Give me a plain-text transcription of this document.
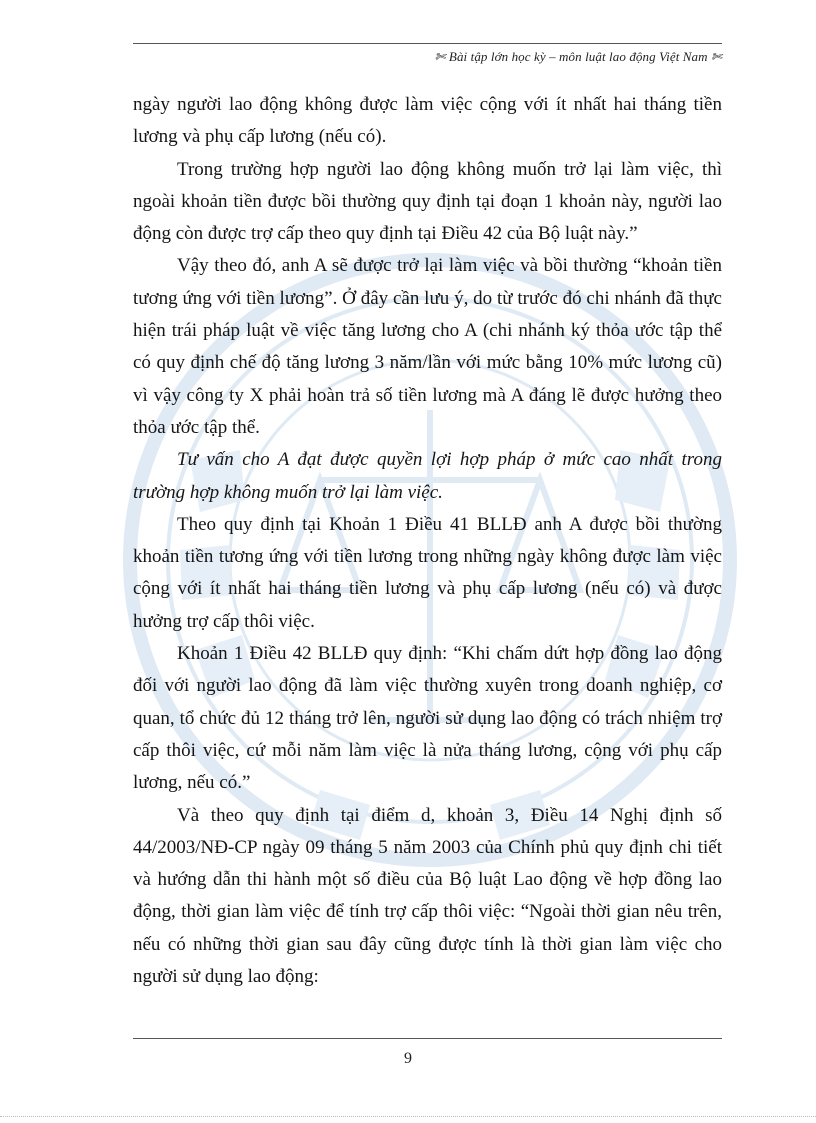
✄ Bài tập lớn học kỳ – môn luật lao động Việt Nam ✄

ngày người lao động không được làm việc cộng với ít nhất hai tháng tiền lương và phụ cấp lương (nếu có).

Trong trường hợp người lao động không muốn trở lại làm việc, thì ngoài khoản tiền được bồi thường quy định tại đoạn 1 khoản này, người lao động còn được trợ cấp theo quy định tại Điều 42 của Bộ luật này.”

Vậy theo đó, anh A sẽ được trở lại làm việc và bồi thường “khoản tiền tương ứng với tiền lương”. Ở đây cần lưu ý, do từ trước đó chi nhánh đã thực hiện trái pháp luật về việc tăng lương cho A (chi nhánh ký thỏa ước tập thể có quy định chế độ tăng lương 3 năm/lần với mức bằng 10% mức lương cũ) vì vậy công ty X phải hoàn trả số tiền lương mà A đáng lẽ được hưởng theo thỏa ước tập thể.

Tư vấn cho A đạt được quyền lợi hợp pháp ở mức cao nhất trong trường hợp không muốn trở lại làm việc.

Theo quy định tại Khoản 1 Điều 41 BLLĐ anh A được bồi thường khoản tiền tương ứng với tiền lương trong những ngày không được làm việc cộng với ít nhất hai tháng tiền lương và phụ cấp lương (nếu có) và được hưởng trợ cấp thôi việc.

Khoản 1 Điều 42 BLLĐ quy định: “Khi chấm dứt hợp đồng lao động đối với người lao động đã làm việc thường xuyên trong doanh nghiệp, cơ quan, tổ chức đủ 12 tháng trở lên, người sử dụng lao động có trách nhiệm trợ cấp thôi việc, cứ mỗi năm làm việc là nửa tháng lương, cộng với phụ cấp lương, nếu có.”

Và theo quy định tại điểm d, khoản 3, Điều 14 Nghị định số 44/2003/NĐ-CP ngày 09 tháng 5 năm 2003 của Chính phủ quy định chi tiết và hướng dẫn thi hành một số điều của Bộ luật Lao động về hợp đồng lao động, thời gian làm việc để tính trợ cấp thôi việc: “Ngoài thời gian nêu trên, nếu có những thời gian sau đây cũng được tính là thời gian làm việc cho người sử dụng lao động:

9
